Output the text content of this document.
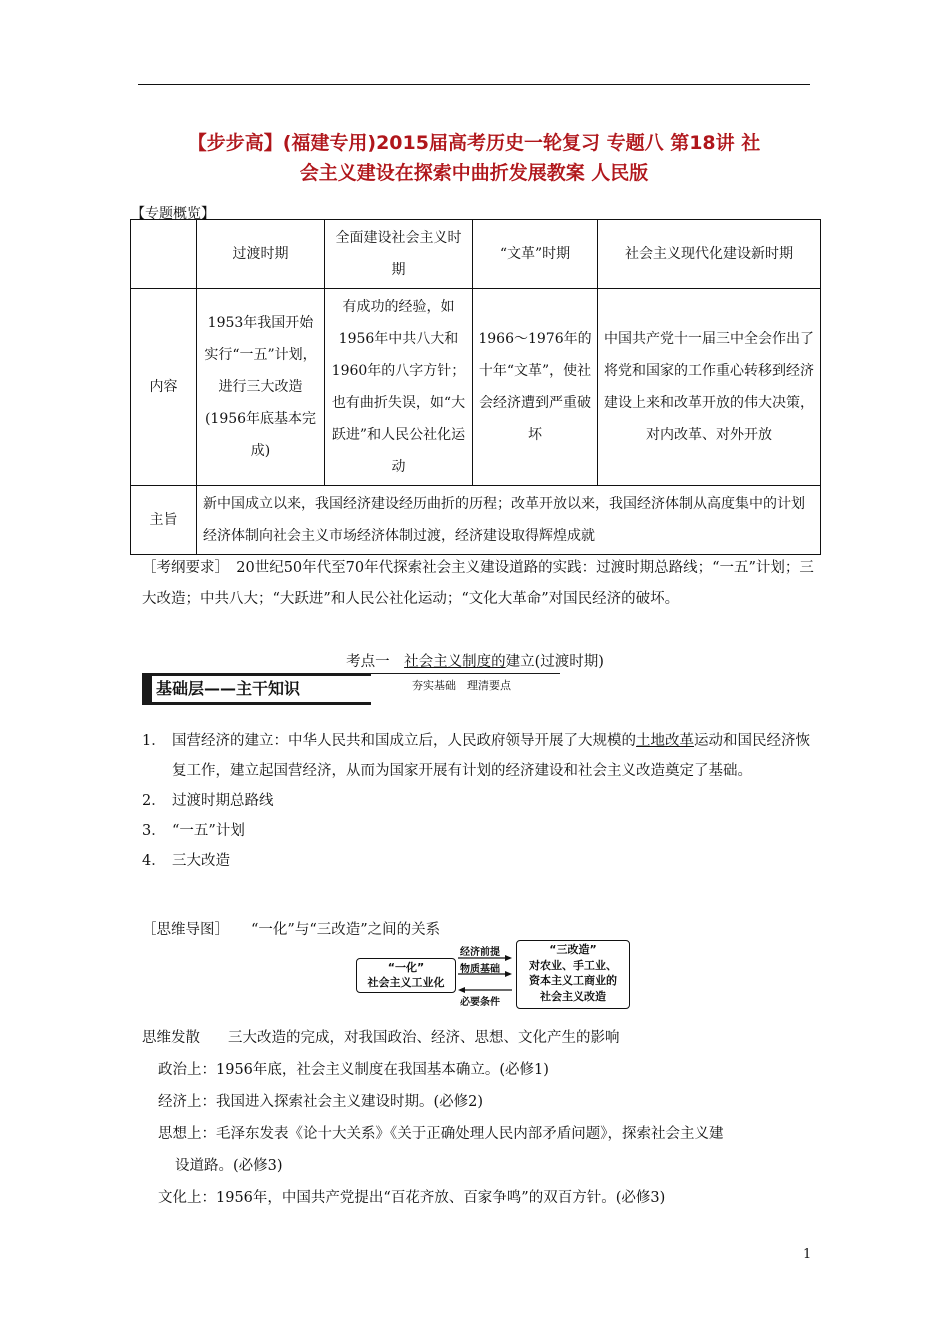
【步步高】(福建专用)2015届高考历史一轮复习 专题八 第18讲 社
会主义建设在探索中曲折发展教案 人民版
【专题概览】
	过渡时期	全面建设社会主义时期	“文革”时期	社会主义现代化建设新时期
内容	1953年我国开始实行“一五”计划，进行三大改造(1956年底基本完成)	有成功的经验，如1956年中共八大和1960年的八字方针；也有曲折失误，如“大跃进”和人民公社化运动	1966～1976年的十年“文革”，使社会经济遭到严重破坏	中国共产党十一届三中全会作出了将党和国家的工作重心转移到经济建设上来和改革开放的伟大决策，对内改革、对外开放
主旨	新中国成立以来，我国经济建设经历曲折的历程；改革开放以来，我国经济体制从高度集中的计划经济体制向社会主义市场经济体制过渡，经济建设取得辉煌成就			
［考纲要求］　20世纪50年代至70年代探索社会主义建设道路的实践：过渡时期总路线；“一五”计划；三大改造；中共八大；“大跃进”和人民公社化运动；“文化大革命”对国民经济的破坏。
考点一　社会主义制度的建立(过渡时期)
基础层——主干知识	夯实基础　理清要点
1． 国营经济的建立：中华人民共和国成立后，人民政府领导开展了大规模的土地改革运动和国民经济恢复工作，建立起国营经济，从而为国家开展有计划的经济建设和社会主义改造奠定了基础。
2． 过渡时期总路线
3． “一五”计划
4． 三大改造
［思维导图］ “一化”与“三改造”之间的关系
“一化”
社会主义工业化
经济前提
物质基础
必要条件
“三改造”
对农业、手工业、
资本主义工商业的
社会主义改造
思维发散 三大改造的完成，对我国政治、经济、思想、文化产生的影响
政治上：1956年底，社会主义制度在我国基本确立。(必修1)
经济上：我国进入探索社会主义建设时期。(必修2)
思想上：毛泽东发表《论十大关系》《关于正确处理人民内部矛盾问题》，探索社会主义建
设道路。(必修3)
文化上：1956年，中国共产党提出“百花齐放、百家争鸣”的双百方针。(必修3)
1
